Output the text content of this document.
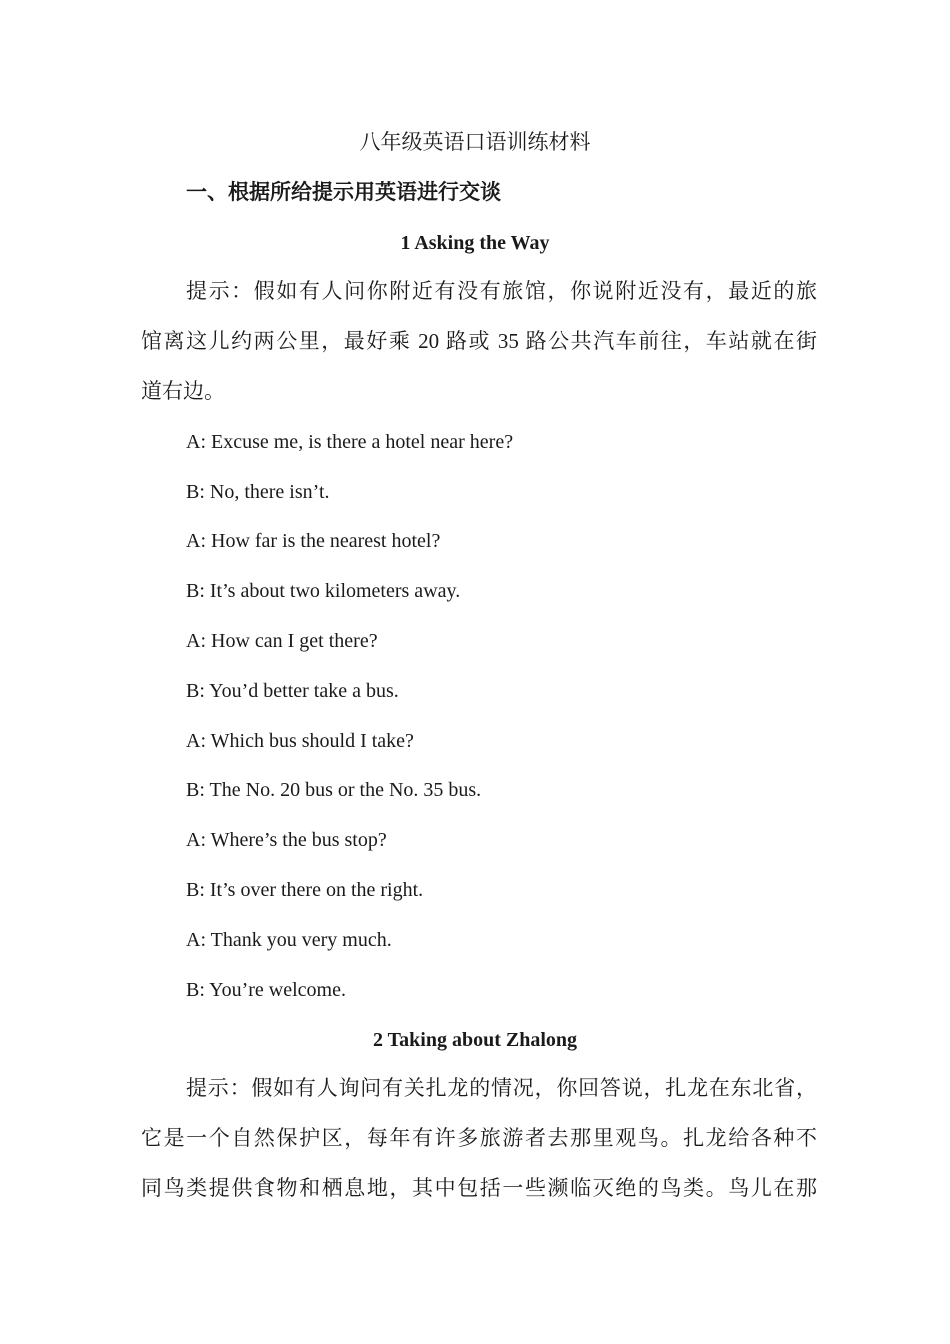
八年级英语口语训练材料
一、根据所给提示用英语进行交谈
1 Asking the Way
提示：假如有人问你附近有没有旅馆，你说附近没有，最近的旅
馆离这儿约两公里，最好乘 20 路或 35 路公共汽车前往，车站就在街
道右边。
A: Excuse me, is there a hotel near here?
B: No, there isn’t.
A: How far is the nearest hotel?
B: It’s about two kilometers away.
A: How can I get there?
B: You’d better take a bus.
A: Which bus should I take?
B: The No. 20 bus or the No. 35 bus.
A: Where’s the bus stop?
B: It’s over there on the right.
A: Thank you very much.
B: You’re welcome.
2 Taking about Zhalong
提示：假如有人询问有关扎龙的情况，你回答说，扎龙在东北省，
它是一个自然保护区，每年有许多旅游者去那里观鸟。扎龙给各种不
同鸟类提供食物和栖息地，其中包括一些濒临灭绝的鸟类。鸟儿在那
